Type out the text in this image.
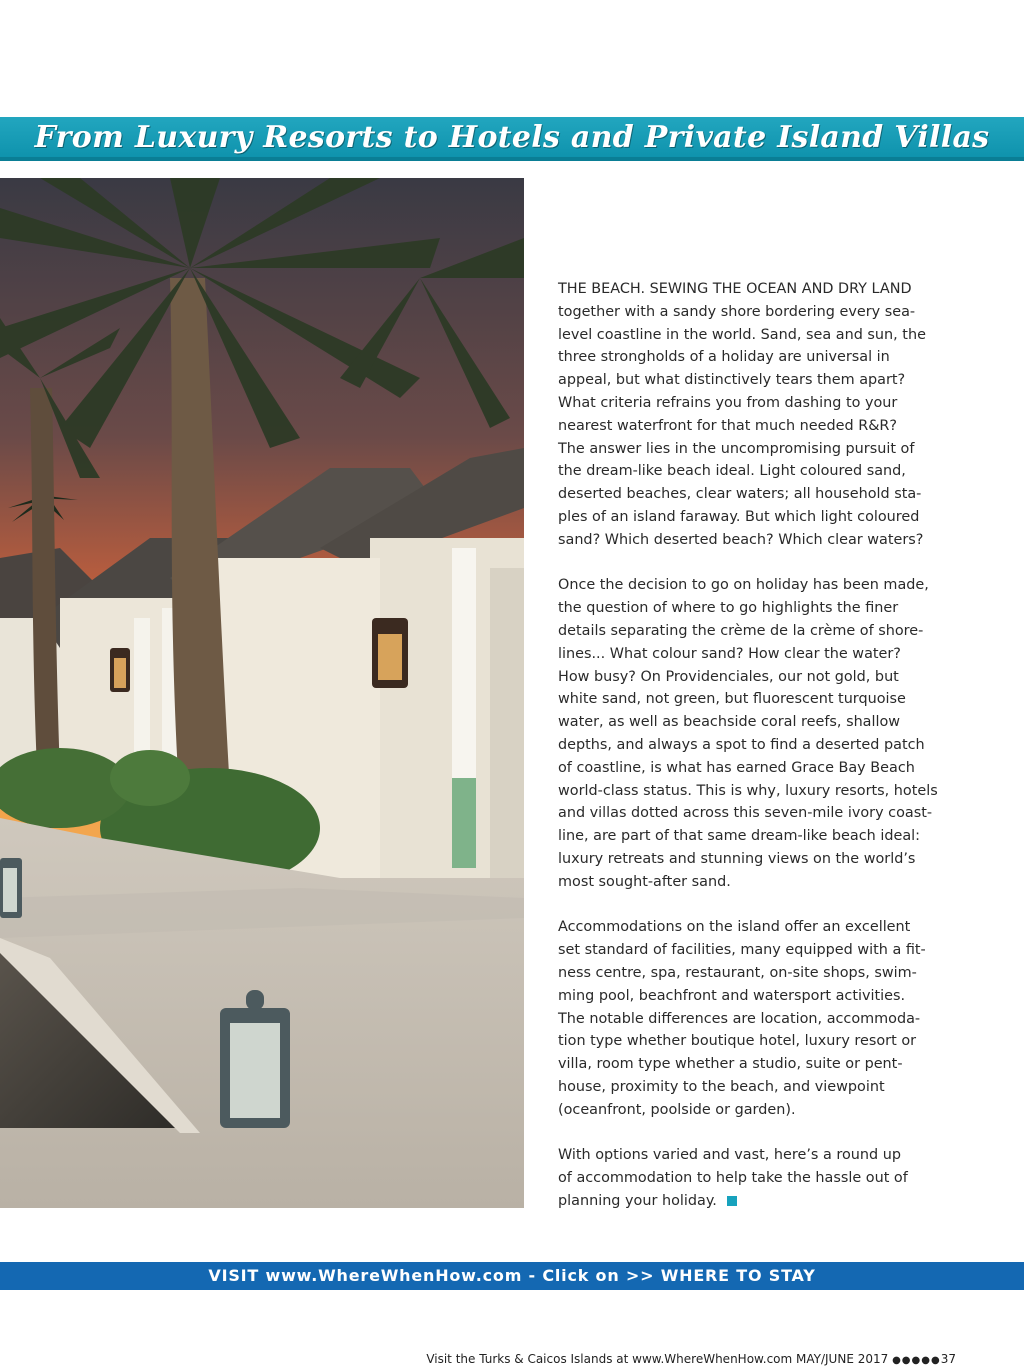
From Luxury Resorts to Hotels and Private Island Villas

THE BEACH. SEWING THE OCEAN AND DRY LAND
together with a sandy shore bordering every sea-
level coastline in the world. Sand, sea and sun, the
three strongholds of a holiday are universal in
appeal, but what distinctively tears them apart?
What criteria refrains you from dashing to your
nearest waterfront for that much needed R&R?
The answer lies in the uncompromising pursuit of
the dream-like beach ideal. Light coloured sand,
deserted beaches, clear waters; all household sta-
ples of an island faraway. But which light coloured
sand? Which deserted beach? Which clear waters?

Once the decision to go on holiday has been made,
the question of where to go highlights the finer
details separating the crème de la crème of shore-
lines... What colour sand? How clear the water?
How busy? On Providenciales, our not gold, but
white sand, not green, but fluorescent turquoise
water, as well as beachside coral reefs, shallow
depths, and always a spot to find a deserted patch
of coastline, is what has earned Grace Bay Beach
world-class status. This is why, luxury resorts, hotels
and villas dotted across this seven-mile ivory coast-
line, are part of that same dream-like beach ideal:
luxury retreats and stunning views on the world’s
most sought-after sand.

Accommodations on the island offer an excellent
set standard of facilities, many equipped with a fit-
ness centre, spa, restaurant, on-site shops, swim-
ming pool, beachfront and watersport activities.
The notable differences are location, accommoda-
tion type whether boutique hotel, luxury resort or
villa, room type whether a studio, suite or pent-
house, proximity to the beach, and viewpoint
(oceanfront, poolside or garden).

With options varied and vast, here’s a round up
of accommodation to help take the hassle out of
planning your holiday.

VISIT www.WhereWhenHow.com - Click on >> WHERE TO STAY
Visit the Turks & Caicos Islands at www.WhereWhenHow.com MAY/JUNE 2017 ●●●●●37
